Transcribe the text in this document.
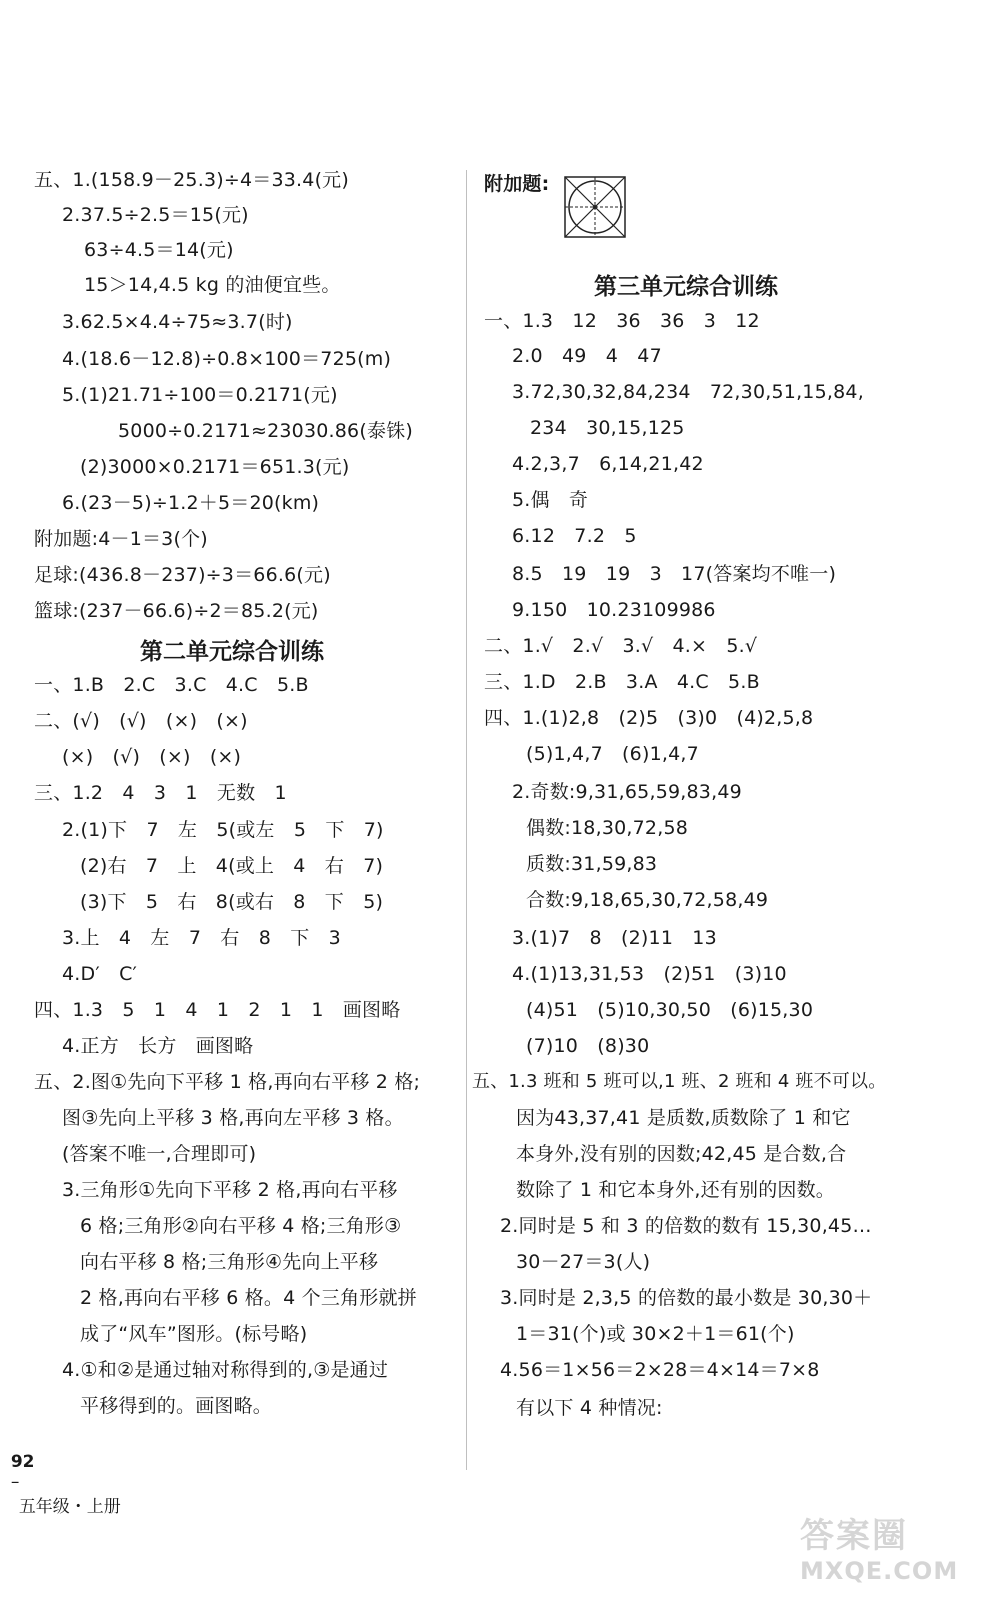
五、1.(158.9－25.3)÷4＝33.4(元)
2.37.5÷2.5＝15(元)
63÷4.5＝14(元)
15＞14,4.5 kg 的油便宜些。
3.62.5×4.4÷75≈3.7(时)
4.(18.6－12.8)÷0.8×100＝725(m)
5.(1)21.71÷100＝0.2171(元)
5000÷0.2171≈23030.86(泰铢)
(2)3000×0.2171＝651.3(元)
6.(23－5)÷1.2＋5＝20(km)
附加题:4－1＝3(个)
足球:(436.8－237)÷3＝66.6(元)
篮球:(237－66.6)÷2＝85.2(元)
第二单元综合训练
一、1.B　2.C　3.C　4.C　5.B
二、(√)　(√)　(×)　(×)
(×)　(√)　(×)　(×)
三、1.2　4　3　1　无数　1
2.(1)下　7　左　5(或左　5　下　7)
(2)右　7　上　4(或上　4　右　7)
(3)下　5　右　8(或右　8　下　5)
3.上　4　左　7　右　8　下　3
4.D′　C′
四、1.3　5　1　4　1　2　1　1　画图略
4.正方　长方　画图略
五、2.图①先向下平移 1 格,再向右平移 2 格;
图③先向上平移 3 格,再向左平移 3 格。
(答案不唯一,合理即可)
3.三角形①先向下平移 2 格,再向右平移
6 格;三角形②向右平移 4 格;三角形③
向右平移 8 格;三角形④先向上平移
2 格,再向右平移 6 格。4 个三角形就拼
成了“风车”图形。(标号略)
4.①和②是通过轴对称得到的,③是通过
平移得到的。画图略。
附加题:
第三单元综合训练
一、1.3　12　36　36　3　12
2.0　49　4　47
3.72,30,32,84,234　72,30,51,15,84,
234　30,15,125
4.2,3,7　6,14,21,42
5.偶　奇
6.12　7.2　5
8.5　19　19　3　17(答案均不唯一)
9.150　10.23109986
二、1.√　2.√　3.√　4.×　5.√
三、1.D　2.B　3.A　4.C　5.B
四、1.(1)2,8　(2)5　(3)0　(4)2,5,8
(5)1,4,7　(6)1,4,7
2.奇数:9,31,65,59,83,49
偶数:18,30,72,58
质数:31,59,83
合数:9,18,65,30,72,58,49
3.(1)7　8　(2)11　13
4.(1)13,31,53　(2)51　(3)10
(4)51　(5)10,30,50　(6)15,30
(7)10　(8)30
五、1.3 班和 5 班可以,1 班、2 班和 4 班不可以。
因为43,37,41 是质数,质数除了 1 和它
本身外,没有别的因数;42,45 是合数,合
数除了 1 和它本身外,还有别的因数。
2.同时是 5 和 3 的倍数的数有 15,30,45…
30－27＝3(人)
3.同时是 2,3,5 的倍数的最小数是 30,30＋
1＝31(个)或 30×2＋1＝61(个)
4.56＝1×56＝2×28＝4×14＝7×8
有以下 4 种情况:

92
–
五年级・上册

答案圈
MXQE.COM
